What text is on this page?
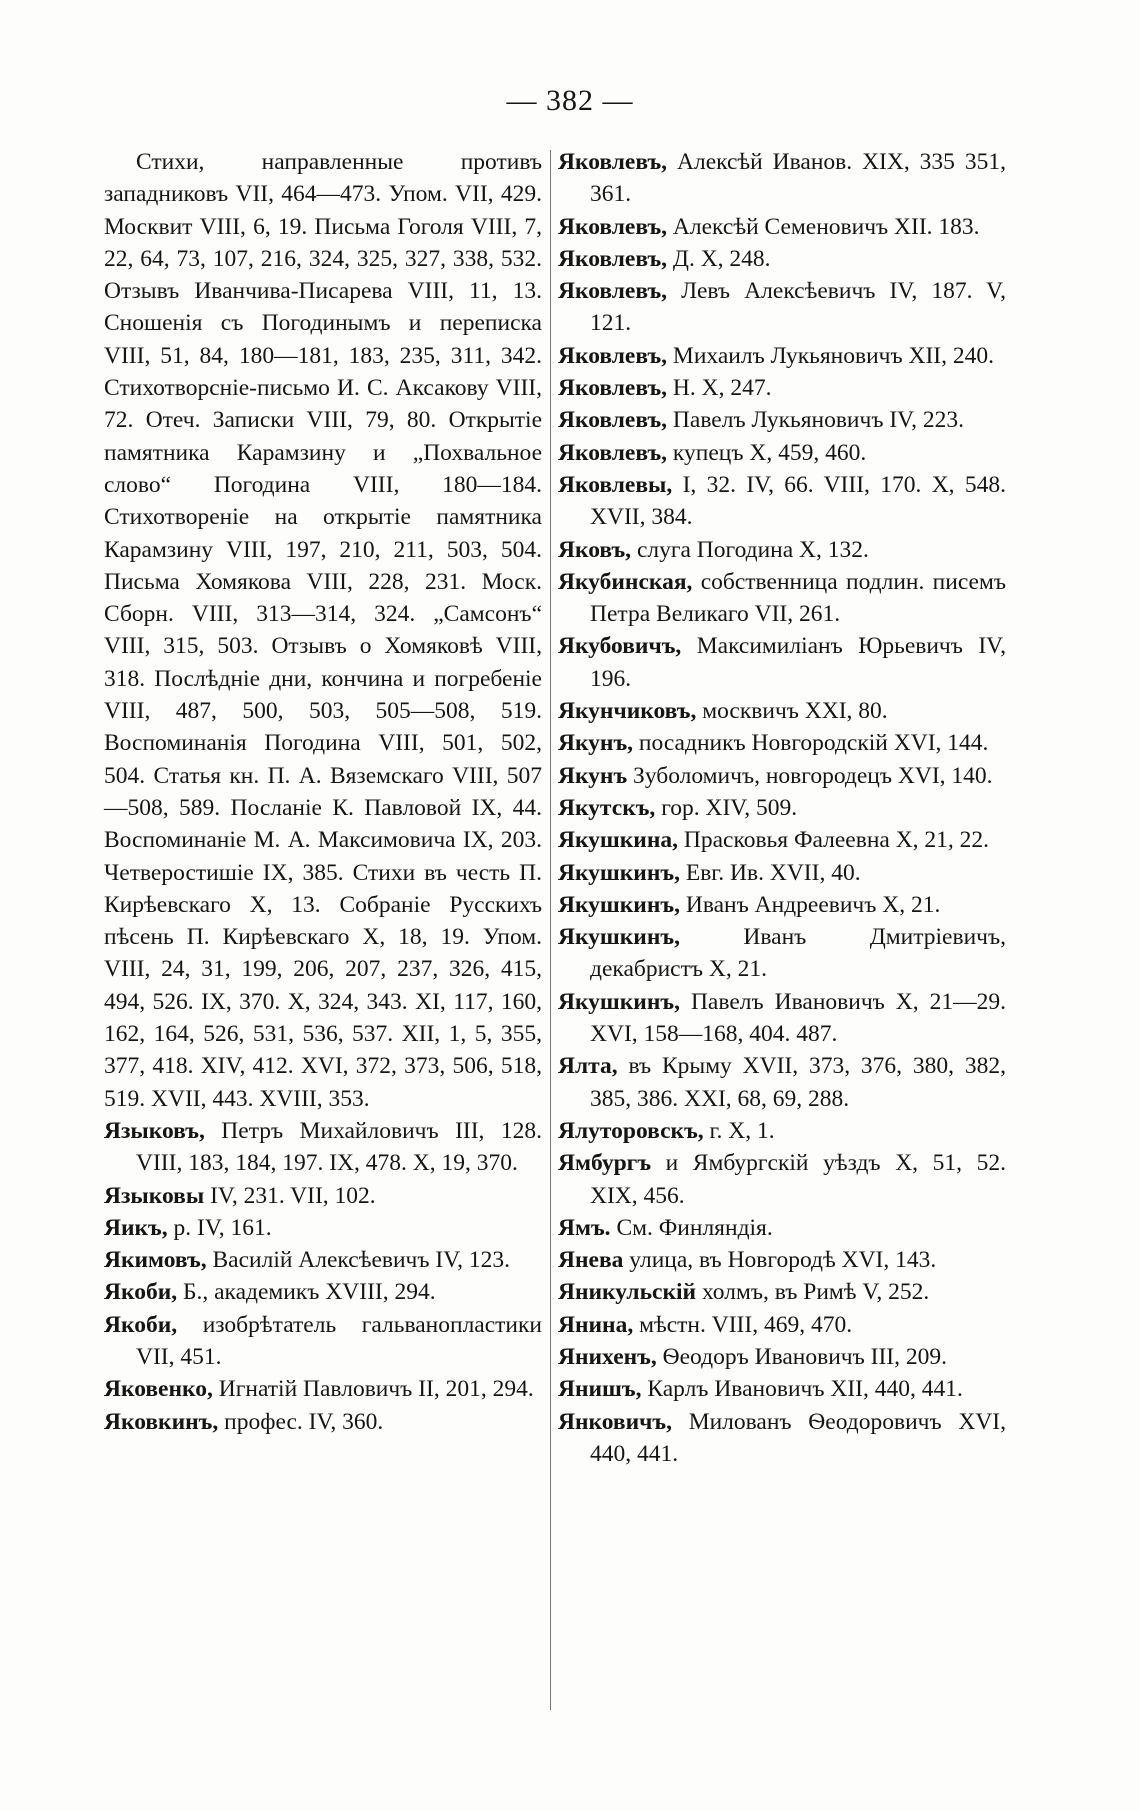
— 382 —

Стихи, направленные противъ западниковъ VII, 464—473. Упом. VII, 429. Москвит VIII, 6, 19. Письма Гоголя VIII, 7, 22, 64, 73, 107, 216, 324, 325, 327, 338, 532. Отзывъ Иванчива-Писарева VIII, 11, 13. Сношенія съ Погодинымъ и переписка VIII, 51, 84, 180—181, 183, 235, 311, 342. Стихотворсніе-письмо И. С. Аксакову VIII, 72. Отеч. Записки VIII, 79, 80. Открытіе памятника Карамзину и „Похвальное слово“ Погодина VIII, 180—184. Стихотвореніе на открытіе памятника Карамзину VIII, 197, 210, 211, 503, 504. Письма Хомякова VIII, 228, 231. Моск. Сборн. VIII, 313—314, 324. „Самсонъ“ VIII, 315, 503. Отзывъ о Хомяковѣ VIII, 318. Послѣдніе дни, кончина и погребеніе VIII, 487, 500, 503, 505—508, 519. Воспоминанія Погодина VIII, 501, 502, 504. Статья кн. П. А. Вяземскаго VIII, 507—508, 589. Посланіе К. Павловой IX, 44. Воспоминаніе М. А. Максимовича IX, 203. Четверостишіе IX, 385. Стихи въ честь П. Кирѣевскаго X, 13. Собраніе Русскихъ пѣсень П. Кирѣевскаго X, 18, 19. Упом. VIII, 24, 31, 199, 206, 207, 237, 326, 415, 494, 526. IX, 370. X, 324, 343. XI, 117, 160, 162, 164, 526, 531, 536, 537. XII, 1, 5, 355, 377, 418. XIV, 412. XVI, 372, 373, 506, 518, 519. XVII, 443. XVIII, 353.

Языковъ, Петръ Михайловичъ III, 128. VIII, 183, 184, 197. IX, 478. X, 19, 370.

Языковы IV, 231. VII, 102.

Яикъ, р. IV, 161.

Якимовъ, Василій Алексѣевичъ IV, 123.

Якоби, Б., академикъ XVIII, 294.

Якоби, изобрѣтатель гальванопластики VII, 451.

Яковенко, Игнатій Павловичъ II, 201, 294.

Яковкинъ, профес. IV, 360.

Яковлевъ, Алексѣй Иванов. XIX, 335 351, 361.

Яковлевъ, Алексѣй Семеновичъ XII. 183.

Яковлевъ, Д. X, 248.

Яковлевъ, Левъ Алексѣевичъ IV, 187. V, 121.

Яковлевъ, Михаилъ Лукьяновичъ XII, 240.

Яковлевъ, Н. X, 247.

Яковлевъ, Павелъ Лукьяновичъ IV, 223.

Яковлевъ, купецъ X, 459, 460.

Яковлевы, I, 32. IV, 66. VIII, 170. X, 548. XVII, 384.

Яковъ, слуга Погодина X, 132.

Якубинская, собственница подлин. писемъ Петра Великаго VII, 261.

Якубовичъ, Максимиліанъ Юрьевичъ IV, 196.

Якунчиковъ, москвичъ XXI, 80.

Якунъ, посадникъ Новгородскій XVI, 144.

Якунъ Зуболомичъ, новгородецъ XVI, 140.

Якутскъ, гор. XIV, 509.

Якушкина, Прасковья Фалеевна X, 21, 22.

Якушкинъ, Евг. Ив. XVII, 40.

Якушкинъ, Иванъ Андреевичъ X, 21.

Якушкинъ, Иванъ Дмитріевичъ, декабристъ X, 21.

Якушкинъ, Павелъ Ивановичъ X, 21—29. XVI, 158—168, 404. 487.

Ялта, въ Крыму XVII, 373, 376, 380, 382, 385, 386. XXI, 68, 69, 288.

Ялуторовскъ, г. X, 1.

Ямбургъ и Ямбургскій уѣздъ X, 51, 52. XIX, 456.

Ямъ. См. Финляндія.

Янева улица, въ Новгородѣ XVI, 143.

Яникульскій холмъ, въ Римѣ V, 252.

Янина, мѣстн. VIII, 469, 470.

Янихенъ, Ѳеодоръ Ивановичъ III, 209.

Янишъ, Карлъ Ивановичъ XII, 440, 441.

Янковичъ, Милованъ Ѳеодоровичъ XVI, 440, 441.
